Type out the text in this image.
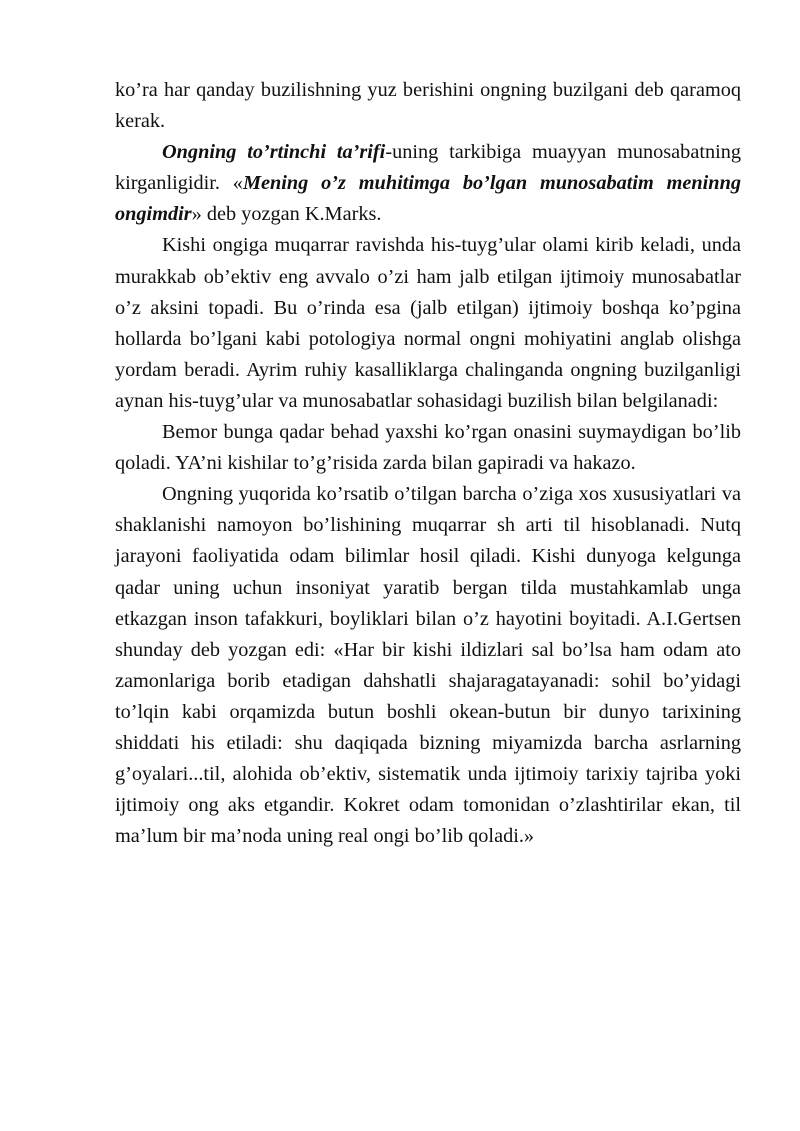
ko’ra har qanday buzilishning yuz berishini ongning buzilgani deb qaramoq kerak.

Ongning to’rtinchi ta’rifi-uning tarkibiga muayyan munosabatning kirganligidir. «Mening o’z muhitimga bo’lgan munosabatim meninng ongimdir» deb yozgan K.Marks.

Kishi ongiga muqarrar ravishda his-tuyg’ular olami kirib keladi, unda murakkab ob’ektiv eng avvalo o’zi ham jalb etilgan ijtimoiy munosabatlar o’z aksini topadi. Bu o’rinda esa (jalb etilgan) ijtimoiy boshqa ko’pgina hollarda bo’lgani kabi potologiya normal ongni mohiyatini anglab olishga yordam beradi. Ayrim ruhiy kasalliklarga chalinganda ongning buzilganligi aynan his-tuyg’ular va munosabatlar sohasidagi buzilish bilan belgilanadi:

Bemor bunga qadar behad yaxshi ko’rgan onasini suymaydigan bo’lib qoladi. YA’ni kishilar to’g’risida zarda bilan gapiradi va hakazo.

Ongning yuqorida ko’rsatib o’tilgan barcha o’ziga xos xususiyatlari va shaklanishi namoyon bo’lishining muqarrar sh arti til hisoblanadi. Nutq jarayoni faoliyatida odam bilimlar hosil qiladi. Kishi dunyoga kelgunga qadar uning uchun insoniyat yaratib bergan tilda mustahkamlab unga etkazgan inson tafakkuri, boyliklari bilan o’z hayotini boyitadi. A.I.Gertsen shunday deb yozgan edi: «Har bir kishi ildizlari sal bo’lsa ham odam ato zamonlariga borib etadigan dahshatli shajaragatayanadi: sohil bo’yidagi to’lqin kabi orqamizda butun boshli okean-butun bir dunyo tarixining shiddati his etiladi: shu daqiqada bizning miyamizda barcha asrlarning g’oyalari...til, alohida ob’ektiv, sistematik unda ijtimoiy tarixiy tajriba yoki ijtimoiy ong aks etgandir. Kokret odam tomonidan o’zlashtirilar ekan, til ma’lum bir ma’noda uning real ongi bo’lib qoladi.»
